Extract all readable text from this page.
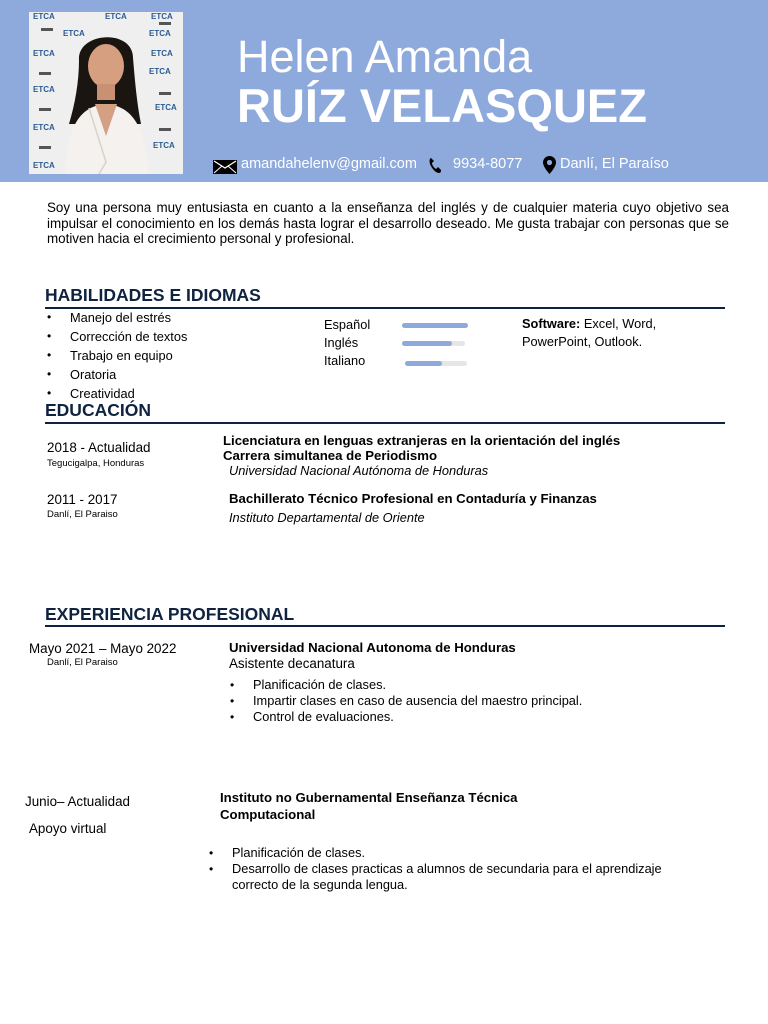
ETCA	ETCA	ETCA
ETCA	ETCA
ETCA	ETCA
ETCA
ETCA
ETCA
ETCA
ETCA
ETCA
Helen Amanda
RUÍZ VELASQUEZ
amandahelenv@gmail.com 9934-8077	Danlí, El Paraíso
Soy una persona muy entusiasta en cuanto a la enseñanza del inglés y de cualquier materia cuyo objetivo sea impulsar el conocimiento en los demás hasta lograr el desarrollo deseado. Me gusta trabajar con personas que se motiven hacia el crecimiento personal y profesional.
HABILIDADES E IDIOMAS
• Manejo del estrés
• Corrección de textos
• Trabajo en equipo
• Oratoria
• Creatividad
Español
Inglés
Italiano
Software: Excel, Word, PowerPoint, Outlook.
EDUCACIÓN
2018 - Actualidad
Tegucigalpa, Honduras
Licenciatura en lenguas extranjeras en la orientación del inglés
Carrera simultanea de Periodismo
Universidad Nacional Autónoma de Honduras
2011 - 2017
Danlí, El Paraiso
Bachillerato Técnico Profesional en Contaduría y Finanzas
Instituto Departamental de Oriente
EXPERIENCIA PROFESIONAL
Mayo 2021 – Mayo 2022
Danlí, El Paraiso
Universidad Nacional Autonoma de Honduras
Asistente decanatura
• Planificación de clases.
• Impartir clases en caso de ausencia del maestro principal.
• Control de evaluaciones.
Junio– Actualidad
Apoyo virtual
Instituto no Gubernamental Enseñanza Técnica
Computacional
• Planificación de clases.
• Desarrollo de clases practicas a alumnos de secundaria para el aprendizaje correcto de la segunda lengua.
